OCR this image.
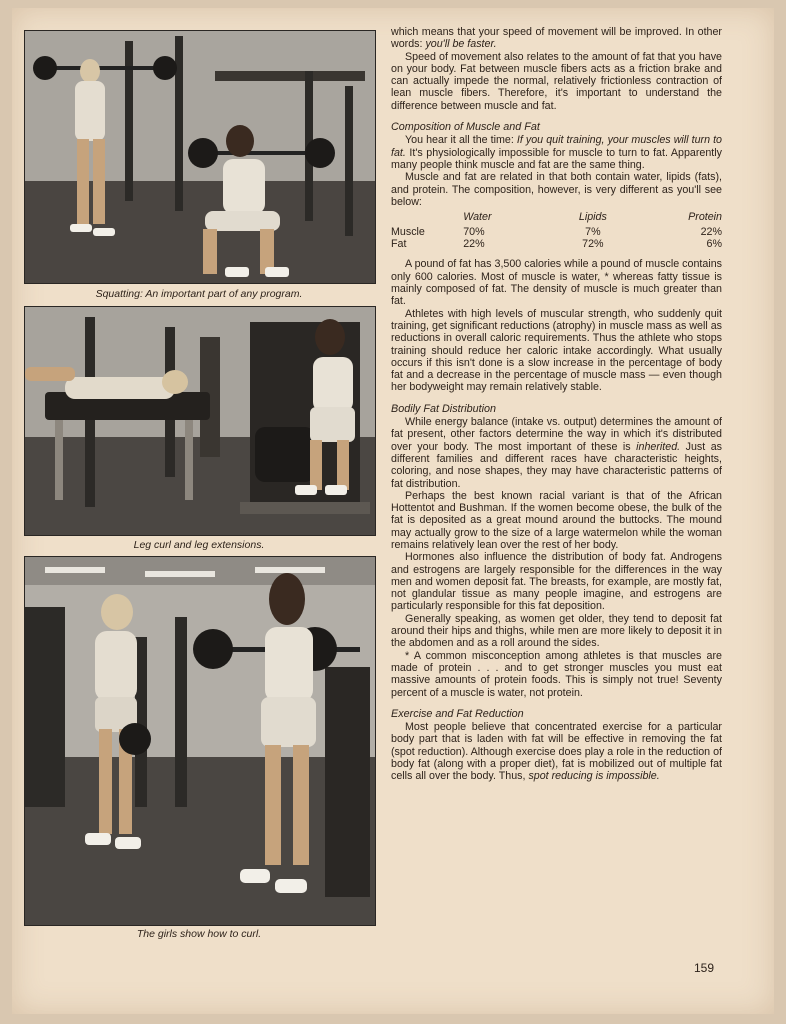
Squatting: An important part of any program.
Leg curl and leg extensions.
The girls show how to curl.

which means that your speed of movement will be improved. In other words: you'll be faster.

Speed of movement also relates to the amount of fat that you have on your body. Fat between muscle fibers acts as a friction brake and can actually impede the normal, relatively frictionless contraction of lean muscle fibers. Therefore, it's important to understand the difference between muscle and fat.

Composition of Muscle and Fat

You hear it all the time: If you quit training, your muscles will turn to fat. It's physiologically impossible for muscle to turn to fat. Apparently many people think muscle and fat are the same thing.

Muscle and fat are related in that both contain water, lipids (fats), and protein. The composition, however, is very different as you'll see below:

	Water	Lipids	Protein
Muscle	70%	7%	22%
Fat	22%	72%	6%

A pound of fat has 3,500 calories while a pound of muscle contains only 600 calories. Most of muscle is water, * whereas fatty tissue is mainly composed of fat. The density of muscle is much greater than fat.

Athletes with high levels of muscular strength, who suddenly quit training, get significant reductions (atrophy) in muscle mass as well as reductions in overall caloric requirements. Thus the athlete who stops training should reduce her caloric intake accordingly. What usually occurs if this isn't done is a slow increase in the percentage of body fat and a decrease in the percentage of muscle mass — even though her bodyweight may remain relatively stable.

Bodily Fat Distribution

While energy balance (intake vs. output) determines the amount of fat present, other factors determine the way in which it's distributed over your body. The most important of these is inherited. Just as different families and different races have characteristic heights, coloring, and nose shapes, they may have characteristic patterns of fat distribution.

Perhaps the best known racial variant is that of the African Hottentot and Bushman. If the women become obese, the bulk of the fat is deposited as a great mound around the buttocks. The mound may actually grow to the size of a large watermelon while the woman remains relatively lean over the rest of her body.

Hormones also influence the distribution of body fat. Androgens and estrogens are largely responsible for the differences in the way men and women deposit fat. The breasts, for example, are mostly fat, not glandular tissue as many people imagine, and estrogens are particularly responsible for this fat deposition.

Generally speaking, as women get older, they tend to deposit fat around their hips and thighs, while men are more likely to deposit it in the abdomen and as a roll around the sides.

* A common misconception among athletes is that muscles are made of protein . . . and to get stronger muscles you must eat massive amounts of protein foods. This is simply not true! Seventy percent of a muscle is water, not protein.

Exercise and Fat Reduction

Most people believe that concentrated exercise for a particular body part that is laden with fat will be effective in removing the fat (spot reduction). Although exercise does play a role in the reduction of body fat (along with a proper diet), fat is mobilized out of multiple fat cells all over the body. Thus, spot reducing is impossible.

159
